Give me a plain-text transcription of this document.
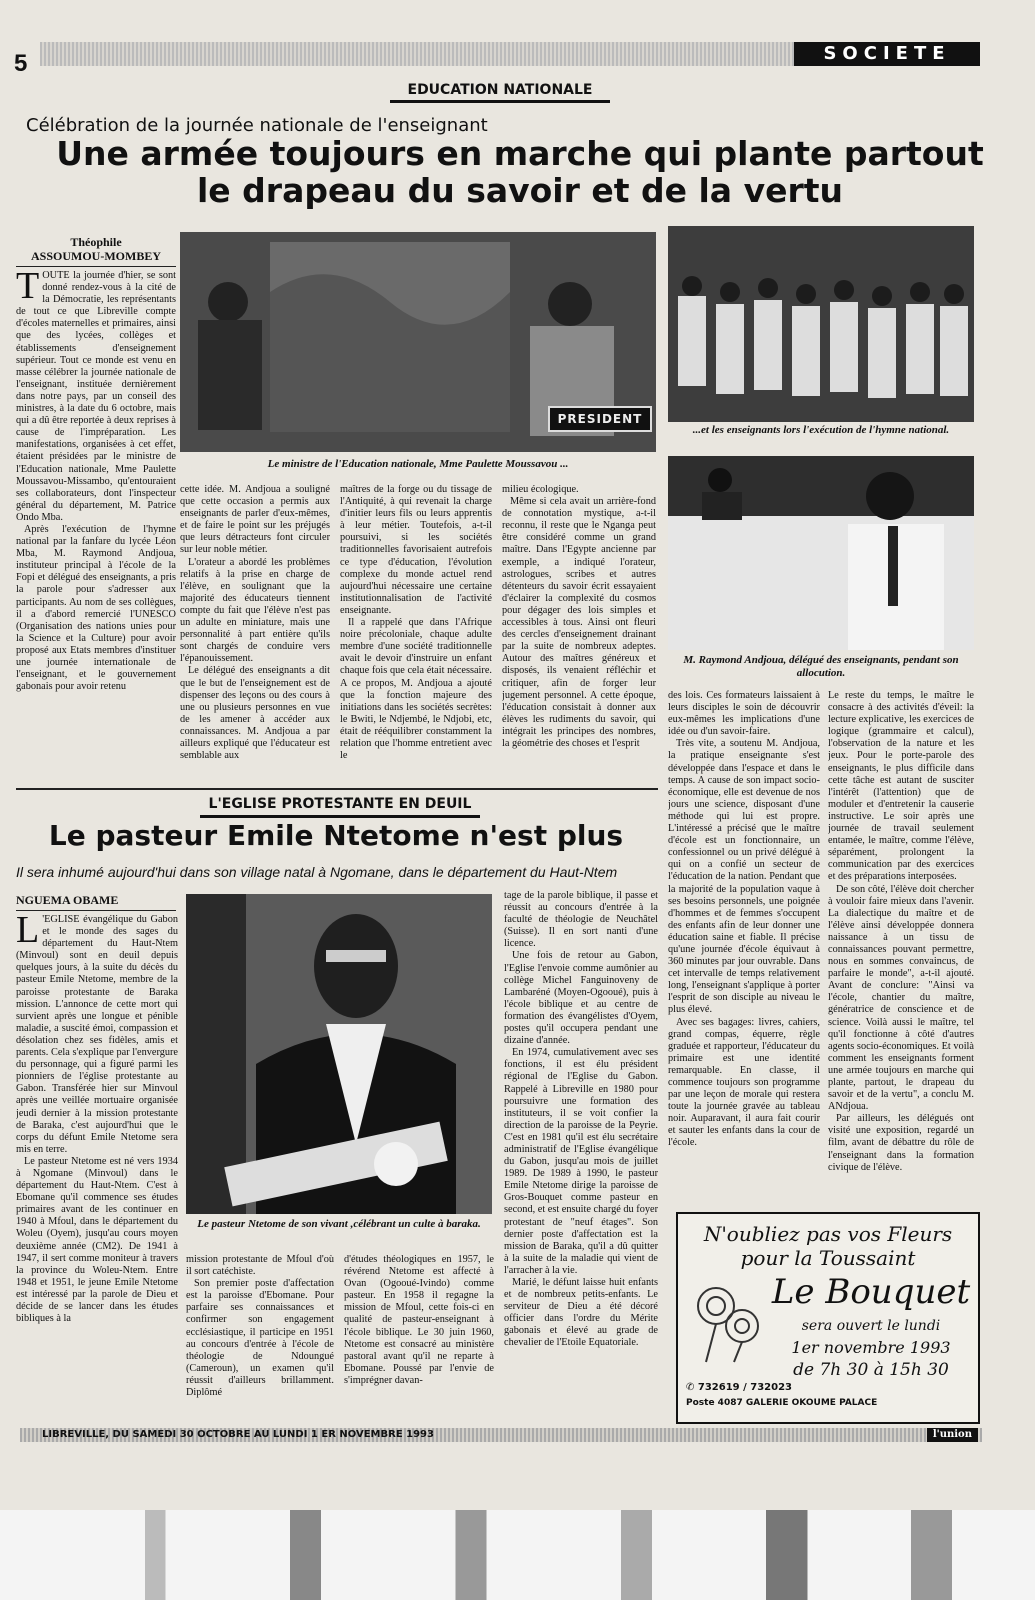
5	SOCIETE
EDUCATION NATIONALE
Célébration de la journée nationale de l'enseignant
Une armée toujours en marche qui plante partout
le drapeau du savoir et de la vertu
Théophile
ASSOUMOU-MOMBEY
PRESIDENT
Le ministre de l'Education nationale, Mme Paulette Moussavou ...
...et les enseignants lors l'exécution de l'hymne national.
M. Raymond Andjoua, délégué des enseignants, pendant son allocution.

TOUTE la journée d'hier, se sont donné rendez-vous à la cité de la Démocratie, les représentants de tout ce que Libreville compte d'écoles maternelles et primaires, ainsi que des lycées, collèges et établissements d'enseignement supérieur. Tout ce monde est venu en masse célébrer la journée nationale de l'enseignant, instituée dernièrement dans notre pays, par un conseil des ministres, à la date du 6 octobre, mais qui a dû être reportée à deux reprises à cause de l'impréparation. Les manifestations, organisées à cet effet, étaient présidées par le ministre de l'Education nationale, Mme Paulette Moussavou-Missambo, qu'entouraient ses collaborateurs, dont l'inspecteur général du département, M. Patrice Ondo Mba.

Après l'exécution de l'hymne national par la fanfare du lycée Léon Mba, M. Raymond Andjoua, instituteur principal à l'école de la Fopi et délégué des enseignants, a pris la parole pour s'adresser aux participants. Au nom de ses collègues, il a d'abord remercié l'UNESCO (Organisation des nations unies pour la Science et la Culture) pour avoir proposé aux Etats membres d'instituer une journée internationale de l'enseignant, et le gouvernement gabonais pour avoir retenu

cette idée. M. Andjoua a souligné que cette occasion a permis aux enseignants de parler d'eux-mêmes, et de faire le point sur les préjugés que leurs détracteurs font circuler sur leur noble métier.

L'orateur a abordé les problèmes relatifs à la prise en charge de l'élève, en soulignant que la majorité des éducateurs tiennent compte du fait que l'élève n'est pas un adulte en miniature, mais une personnalité à part entière qu'ils sont chargés de conduire vers l'épanouissement.

Le délégué des enseignants a dit que le but de l'enseignement est de dispenser des leçons ou des cours à une ou plusieurs personnes en vue de les amener à accéder aux connaissances. M. Andjoua a par ailleurs expliqué que l'éducateur est semblable aux

maîtres de la forge ou du tissage de l'Antiquité, à qui revenait la charge d'initier leurs fils ou leurs apprentis à leur métier. Toutefois, a-t-il poursuivi, si les sociétés traditionnelles favorisaient autrefois ce type d'éducation, l'évolution complexe du monde actuel rend aujourd'hui nécessaire une certaine institutionnalisation de l'activité enseignante.

Il a rappelé que dans l'Afrique noire précoloniale, chaque adulte membre d'une société traditionnelle avait le devoir d'instruire un enfant chaque fois que cela était nécessaire. A ce propos, M. Andjoua a ajouté que la fonction majeure des initiations dans les sociétés secrètes: le Bwiti, le Ndjembé, le Ndjobi, etc, était de rééquilibrer constamment la relation que l'homme entretient avec le

milieu écologique.

Même si cela avait un arrière-fond de connotation mystique, a-t-il reconnu, il reste que le Nganga peut être considéré comme un grand maître. Dans l'Egypte ancienne par exemple, a indiqué l'orateur, astrologues, scribes et autres détenteurs du savoir écrit essayaient d'éclairer la complexité du cosmos pour dégager des lois simples et accessibles à tous. Ainsi ont fleuri des cercles d'enseignement drainant par la suite de nombreux adeptes. Autour des maîtres généreux et disposés, ils venaient réfléchir et critiquer, afin de forger leur jugement personnel. A cette époque, l'éducation consistait à donner aux élèves les rudiments du savoir, qui intégrait les principes des nombres, la géométrie des choses et l'esprit

des lois. Ces formateurs laissaient à leurs disciples le soin de découvrir eux-mêmes les implications d'une idée ou d'un savoir-faire.

Très vite, a soutenu M. Andjoua, la pratique enseignante s'est développée dans l'espace et dans le temps. A cause de son impact socio-économique, elle est devenue de nos jours une science, disposant d'une méthode qui lui est propre. L'intéressé a précisé que le maître d'école est un fonctionnaire, un confessionnel ou un privé délégué à qui on a confié un secteur de l'éducation de la nation. Pendant que la majorité de la population vaque à ses besoins personnels, une poignée d'hommes et de femmes s'occupent des enfants afin de leur donner une éducation saine et fiable. Il précise qu'une journée d'école équivaut à 360 minutes par jour ouvrable. Dans cet intervalle de temps relativement long, l'enseignant s'applique à porter l'esprit de son disciple au niveau le plus élevé.

Avec ses bagages: livres, cahiers, grand compas, équerre, règle graduée et rapporteur, l'éducateur du primaire est une identité remarquable. En classe, il commence toujours son programme par une leçon de morale qui restera toute la journée gravée au tableau noir. Auparavant, il aura fait courir et sauter les enfants dans la cour de l'école.

Le reste du temps, le maître le consacre à des activités d'éveil: la lecture explicative, les exercices de logique (grammaire et calcul), l'observation de la nature et les jeux. Pour le porte-parole des enseignants, le plus difficile dans cette tâche est autant de susciter l'intérêt (l'attention) que de moduler et d'entretenir la causerie instructive. Le soir après une journée de travail seulement entamée, le maître, comme l'élève, séparément, prolongent la communication par des exercices et des préparations interposées.

De son côté, l'élève doit chercher à vouloir faire mieux dans l'avenir. La dialectique du maître et de l'élève ainsi développée donnera naissance à un tissu de connaissances pouvant permettre, nous en sommes convaincus, de parfaire le monde", a-t-il ajouté. Avant de conclure: "Ainsi va l'école, chantier du maître, génératrice de conscience et de science. Voilà aussi le maître, tel qu'il fonctionne à côté d'autres agents socio-économiques. Et voilà comment les enseignants forment une armée toujours en marche qui plante, partout, le drapeau du savoir et de la vertu", a conclu M. ANdjoua.

Par ailleurs, les délégués ont visité une exposition, regardé un film, avant de débattre du rôle de l'enseignant dans la formation civique de l'élève.

L'EGLISE PROTESTANTE EN DEUIL
Le pasteur Emile Ntetome n'est plus
Il sera inhumé aujourd'hui dans son village natal à Ngomane, dans le département du Haut-Ntem
NGUEMA OBAME
Le pasteur Ntetome de son vivant ,célébrant un culte à baraka.

L 'EGLISE évangélique du Gabon et le monde des sages du département du Haut-Ntem (Minvoul) sont en deuil depuis quelques jours, à la suite du décès du pasteur Emile Ntetome, membre de la paroisse protestante de Baraka mission. L'annonce de cette mort qui survient après une longue et pénible maladie, a suscité émoi, compassion et désolation chez ses fidèles, amis et parents. Cela s'explique par l'envergure du personnage, qui a figuré parmi les pionniers de l'église protestante au Gabon. Transférée hier sur Minvoul après une veillée mortuaire organisée jeudi dernier à la mission protestante de Baraka, c'est aujourd'hui que le corps du défunt Emile Ntetome sera mis en terre.

Le pasteur Ntetome est né vers 1934 à Ngomane (Minvoul) dans le département du Haut-Ntem. C'est à Ebomane qu'il commence ses études primaires avant de les continuer en 1940 à Mfoul, dans le département du Woleu (Oyem), jusqu'au cours moyen deuxième année (CM2). De 1941 à 1947, il sert comme moniteur à travers la province du Woleu-Ntem. Entre 1948 et 1951, le jeune Emile Ntetome est intéressé par la parole de Dieu et décide de se lancer dans les études bibliques à la

mission protestante de Mfoul d'où il sort catéchiste.

Son premier poste d'affectation est la paroisse d'Ebomane. Pour parfaire ses connaissances et confirmer son engagement ecclésiastique, il participe en 1951 au concours d'entrée à l'école de théologie de Ndoungué (Cameroun), un examen qu'il réussit d'ailleurs brillamment. Diplômé

d'études théologiques en 1957, le révérend Ntetome est affecté à Ovan (Ogooué-Ivindo) comme pasteur. En 1958 il regagne la mission de Mfoul, cette fois-ci en qualité de pasteur-enseignant à l'école biblique. Le 30 juin 1960, Ntetome est consacré au ministère pastoral avant qu'il ne reparte à Ebomane. Poussé par l'envie de s'imprégner davan-

tage de la parole biblique, il passe et réussit au concours d'entrée à la faculté de théologie de Neuchâtel (Suisse). Il en sort nanti d'une licence.

Une fois de retour au Gabon, l'Eglise l'envoie comme aumônier au collège Michel Fanguinoveny de Lambaréné (Moyen-Ogooué), puis à l'école biblique et au centre de formation des évangélistes d'Oyem, postes qu'il occupera pendant une dizaine d'année.

En 1974, cumulativement avec ses fonctions, il est élu président régional de l'Eglise du Gabon. Rappelé à Libreville en 1980 pour poursuivre une formation des instituteurs, il se voit confier la direction de la paroisse de la Peyrie. C'est en 1981 qu'il est élu secrétaire administratif de l'Eglise évangélique du Gabon, jusqu'au mois de juillet 1989. De 1989 à 1990, le pasteur Emile Ntetome dirige la paroisse de Gros-Bouquet comme pasteur en second, et est ensuite chargé du foyer protestant de "neuf étages". Son dernier poste d'affectation est la mission de Baraka, qu'il a dû quitter à la suite de la maladie qui vient de l'arracher à la vie.

Marié, le défunt laisse huit enfants et de nombreux petits-enfants. Le serviteur de Dieu a été décoré officier dans l'ordre du Mérite gabonais et élevé au grade de chevalier de l'Etoile Equatoriale.

N'oubliez pas vos Fleurs
pour la Toussaint
Le Bouquet
sera ouvert le lundi
1er novembre 1993
de 7h 30 à 15h 30
✆ 732619 / 732023
Poste 4087 GALERIE OKOUME PALACE
LIBREVILLE, DU SAMEDI 30 OCTOBRE AU LUNDI 1 ER NOVEMBRE 1993	l'union
